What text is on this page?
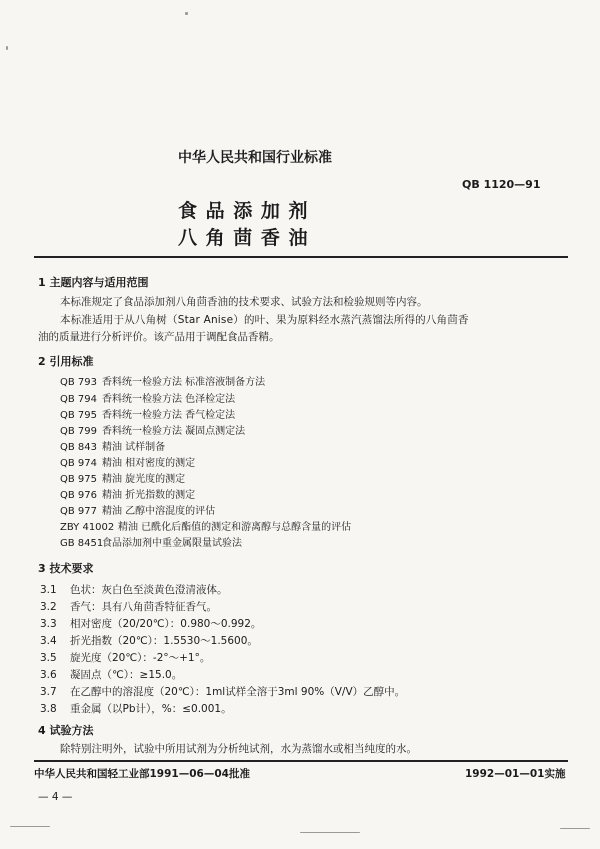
中华人民共和国行业标准
QB 1120—91
食 品 添 加 剂
八 角 茴 香 油
1 主题内容与适用范围
本标准规定了食品添加剂八角茴香油的技术要求、试验方法和检验规则等内容。
本标准适用于从八角树（Star Anise）的叶、果为原料经水蒸汽蒸馏法所得的八角茴香
油的质量进行分析评价。该产品用于调配食品香精。
2 引用标准
QB 793 香料统一检验方法 标准溶液制备方法
QB 794 香料统一检验方法 色泽检定法
QB 795 香料统一检验方法 香气检定法
QB 799 香料统一检验方法 凝固点测定法
QB 843 精油 试样制备
QB 974 精油 相对密度的测定
QB 975 精油 旋光度的测定
QB 976 精油 折光指数的测定
QB 977 精油 乙醇中溶混度的评估
ZBY 41002 精油 已酰化后酯值的测定和游离醇与总醇含量的评估
GB 8451食品添加剂中重金属限量试验法
3 技术要求
3.1 色状：灰白色至淡黄色澄清液体。
3.2 香气：具有八角茴香特征香气。
3.3 相对密度（20/20℃）：0.980～0.992。
3.4 折光指数（20℃）：1.5530～1.5600。
3.5 旋光度（20℃）：-2°～+1°。
3.6 凝固点（℃）：≥15.0。
3.7 在乙醇中的溶混度（20℃）：1ml试样全溶于3ml 90%（V/V）乙醇中。
3.8 重金属（以Pb计），%：≤0.001。
4 试验方法
除特别注明外，试验中所用试剂为分析纯试剂，水为蒸馏水或相当纯度的水。
中华人民共和国轻工业部1991—06—04批准	1992—01—01实施
— 4 —
